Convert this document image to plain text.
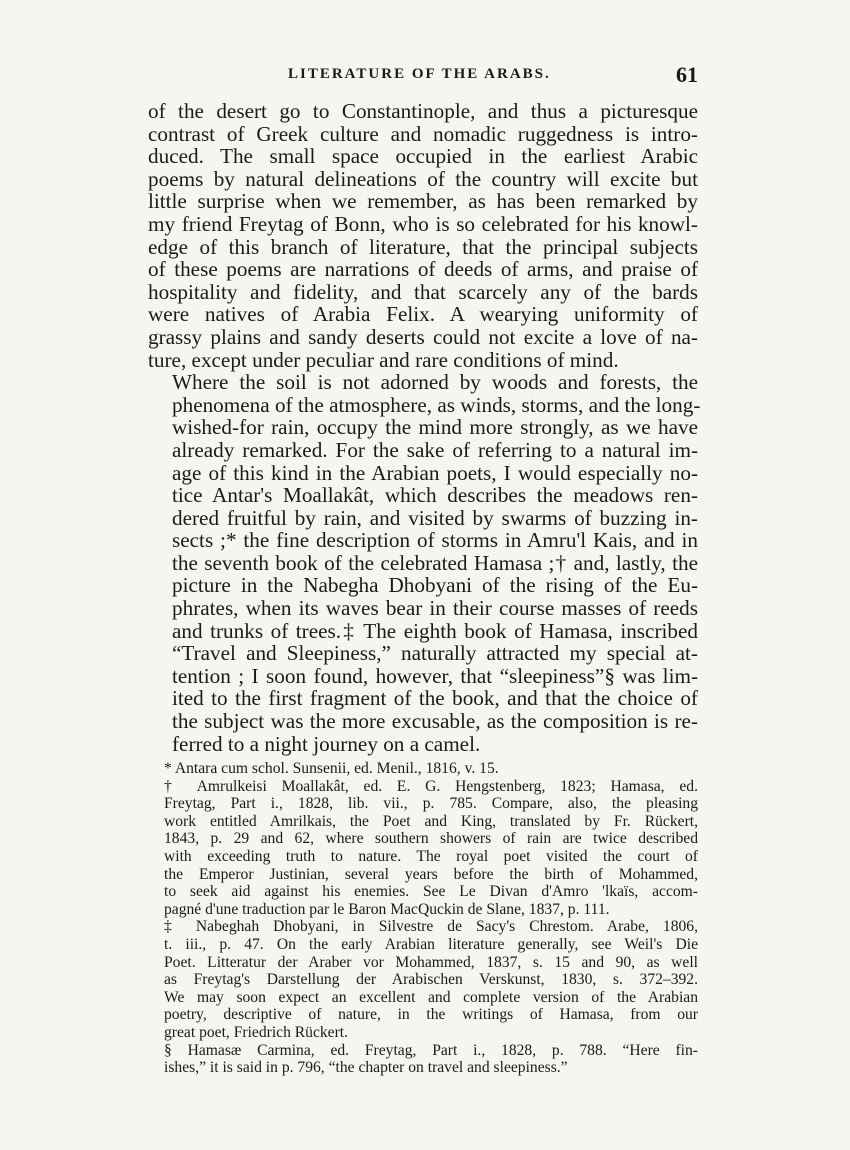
LITERATURE OF THE ARABS.	61

of the desert go to Constantinople, and thus a picturesque
contrast of Greek culture and nomadic ruggedness is intro-
duced. The small space occupied in the earliest Arabic
poems by natural delineations of the country will excite but
little surprise when we remember, as has been remarked by
my friend Freytag of Bonn, who is so celebrated for his knowl-
edge of this branch of literature, that the principal subjects
of these poems are narrations of deeds of arms, and praise of
hospitality and fidelity, and that scarcely any of the bards
were natives of Arabia Felix. A wearying uniformity of
grassy plains and sandy deserts could not excite a love of na-
ture, except under peculiar and rare conditions of mind.

Where the soil is not adorned by woods and forests, the
phenomena of the atmosphere, as winds, storms, and the long-
wished-for rain, occupy the mind more strongly, as we have
already remarked. For the sake of referring to a natural im-
age of this kind in the Arabian poets, I would especially no-
tice Antar's Moallakât, which describes the meadows ren-
dered fruitful by rain, and visited by swarms of buzzing in-
sects ;* the fine description of storms in Amru'l Kais, and in
the seventh book of the celebrated Hamasa ;† and, lastly, the
picture in the Nabegha Dhobyani of the rising of the Eu-
phrates, when its waves bear in their course masses of reeds
and trunks of trees.‡ The eighth book of Hamasa, inscribed
“Travel and Sleepiness,” naturally attracted my special at-
tention ; I soon found, however, that “sleepiness”§ was lim-
ited to the first fragment of the book, and that the choice of
the subject was the more excusable, as the composition is re-
ferred to a night journey on a camel.

* Antara cum schol. Sunsenii, ed. Menil., 1816, v. 15.

† Amrulkeisi Moallakât, ed. E. G. Hengstenberg, 1823; Hamasa, ed.
Freytag, Part i., 1828, lib. vii., p. 785. Compare, also, the pleasing
work entitled Amrilkais, the Poet and King, translated by Fr. Rückert,
1843, p. 29 and 62, where southern showers of rain are twice described
with exceeding truth to nature. The royal poet visited the court of
the Emperor Justinian, several years before the birth of Mohammed,
to seek aid against his enemies. See Le Divan d'Amro 'lkaïs, accom-
pagné d'une traduction par le Baron MacQuckin de Slane, 1837, p. 111.

‡ Nabeghah Dhobyani, in Silvestre de Sacy's Chrestom. Arabe, 1806,
t. iii., p. 47. On the early Arabian literature generally, see Weil's Die
Poet. Litteratur der Araber vor Mohammed, 1837, s. 15 and 90, as well
as Freytag's Darstellung der Arabischen Verskunst, 1830, s. 372–392.
We may soon expect an excellent and complete version of the Arabian
poetry, descriptive of nature, in the writings of Hamasa, from our
great poet, Friedrich Rückert.

§ Hamasæ Carmina, ed. Freytag, Part i., 1828, p. 788. “Here fin-
ishes,” it is said in p. 796, “the chapter on travel and sleepiness.”
